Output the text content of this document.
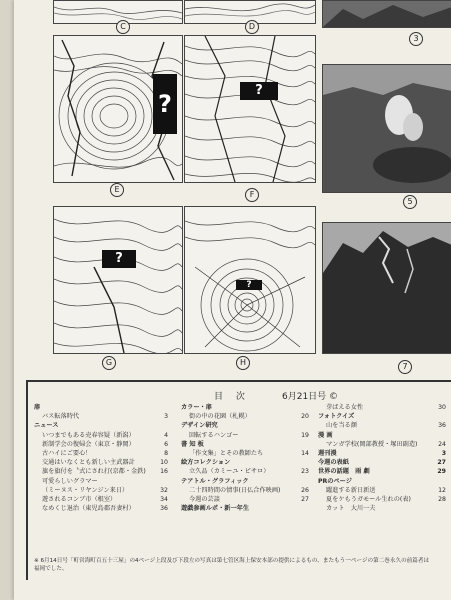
C	D
3
?
E
?
F
5
?
G
?
H	7
目 次	6月21日号 ©
扉
バス転落時代	3
ニュース
いつまでもある売春容疑（新潟）	4
新制学会の復帰会（東京・静岡）	6
古ハイにご要心！	8
交通はいなくとも新しい主武器計	10
旗を旗付を〝式にされ打(京都・金鉄) 16
可愛らしいグラマー
（ミーヌス・リヤンジン来日）	32
遊されるコンブ市（根室）	34
なめくじ退治（東児島郡吾妻村）	36
カラー・扉
街の中の花園（札幌）	20
デザイン研究
回転するハンゴー	19
書 知 板
「作文集」とその教師たち	14
絵方コレクション
立久品（カミーユ・ピサロ）	23
テアトル・グラフィック
二十四時間の情事(日仏合作映画)	26
今週の芸談	27
遊戯参画ルポ・新一年生
芽ばえる女性	30
フォトクイズ
山を当る顔	36
漫 画
マンガ学校(岡部教授・塚田副造)	24
週刊漫	3
今週の表紙	27
世界の話題　雨 劇	29
PRのページ
躍進する新日新送	12
夏をケもうガモール生れの(表)	28
カット　大川一夫
※ 6月14日号「町営海町百五十三屋」の4ページ上段及び下段左の写真は第七管区海上保安本部の提供によるもの、またもう一ページの第二巻永久の前篇者は福岡でした。
